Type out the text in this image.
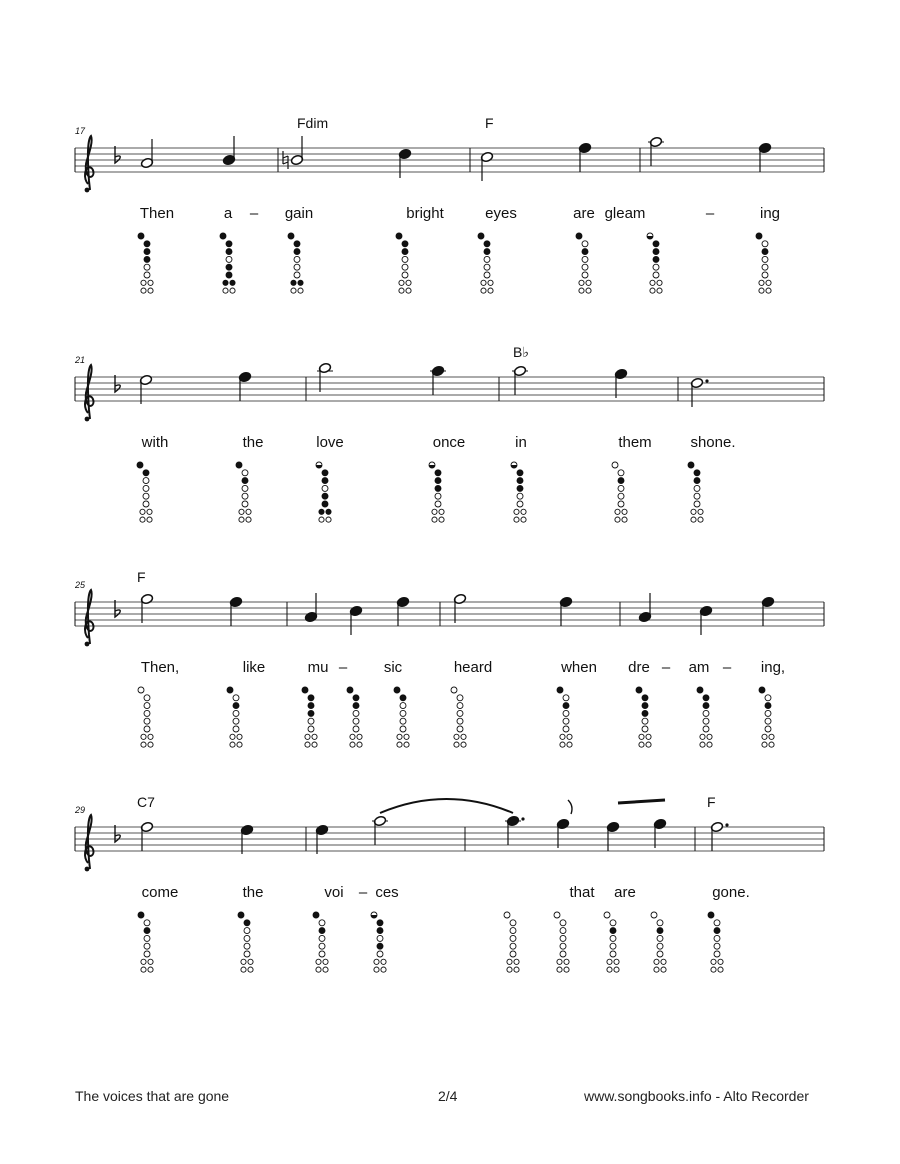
17	Fdim	F
Then	a – gain	bright	eyes	are gleam	–	ing
21	B♭
with	the	love	once	in	them	shone.
25	F
Then,	like	mu – sic	heard	when dre – am – ing,
29	C7	F
come	the	voi – ces	that are	gone.
The voices that are gone	2/4	www.songbooks.info - Alto Recorder
